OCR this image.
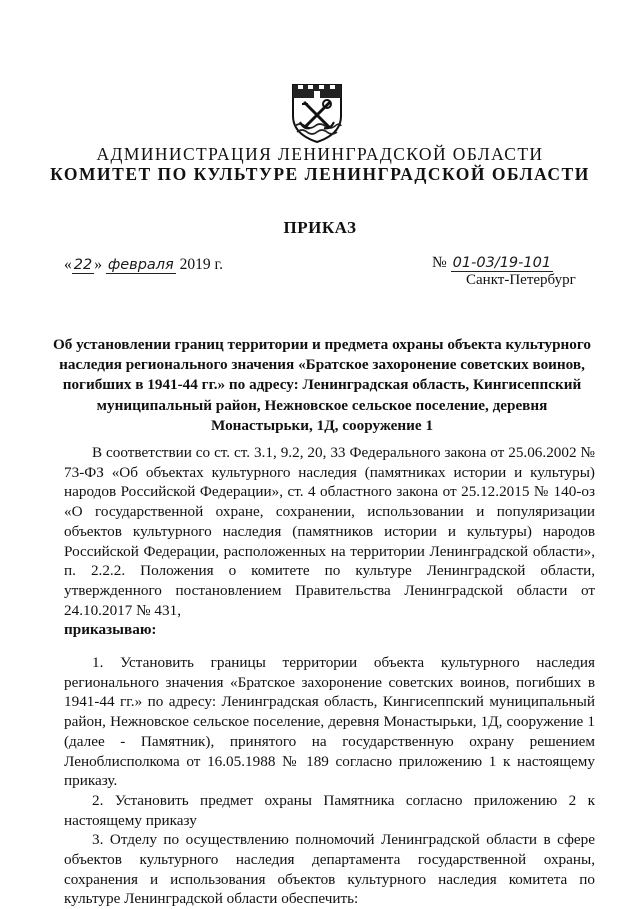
АДМИНИСТРАЦИЯ ЛЕНИНГРАДСКОЙ ОБЛАСТИ
КОМИТЕТ ПО КУЛЬТУРЕ ЛЕНИНГРАДСКОЙ ОБЛАСТИ
ПРИКАЗ
« 22 » февраля 2019 г.	№ 01-03/19-101
Санкт-Петербург
Об установлении границ территории и предмета охраны объекта культурного наследия регионального значения «Братское захоронение советских воинов, погибших в 1941-44 гг.» по адресу: Ленинградская область, Кингисеппский муниципальный район, Нежновское сельское поселение, деревня Монастырьки, 1Д, сооружение 1

В соответствии со ст. ст. 3.1, 9.2, 20, 33 Федерального закона от 25.06.2002 № 73-ФЗ «Об объектах культурного наследия (памятниках истории и культуры) народов Российской Федерации», ст. 4 областного закона от 25.12.2015 № 140-оз «О государственной охране, сохранении, использовании и популяризации объектов культурного наследия (памятников истории и культуры) народов Российской Федерации, расположенных на территории Ленинградской области», п. 2.2.2. Положения о комитете по культуре Ленинградской области, утвержденного постановлением Правительства Ленинградской области от 24.10.2017 № 431,
приказываю:

1. Установить границы территории объекта культурного наследия регионального значения «Братское захоронение советских воинов, погибших в 1941-44 гг.» по адресу: Ленинградская область, Кингисеппский муниципальный район, Нежновское сельское поселение, деревня Монастырьки, 1Д, сооружение 1 (далее - Памятник), принятого на государственную охрану решением Леноблисполкома от 16.05.1988 № 189 согласно приложению 1 к настоящему приказу.

2. Установить предмет охраны Памятника согласно приложению 2 к настоящему приказу

3. Отделу по осуществлению полномочий Ленинградской области в сфере объектов культурного наследия департамента государственной охраны, сохранения и использования объектов культурного наследия комитета по культуре Ленинградской области обеспечить:
